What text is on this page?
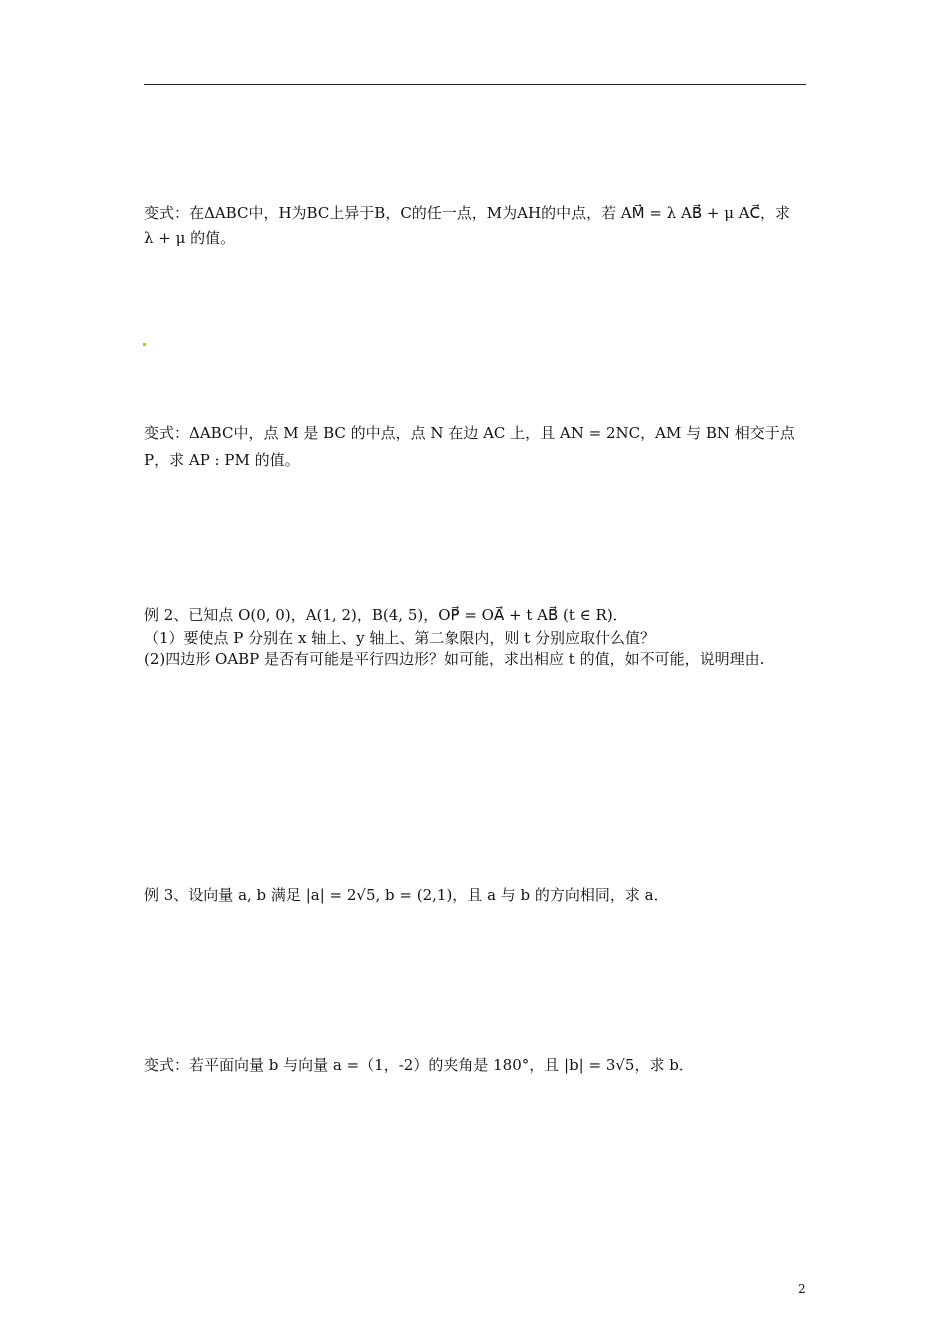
变式：在ΔABC中，H为BC上异于B，C的任一点，M为AH的中点，若 AM⃗ = λ AB⃗ + μ AC⃗，求
λ + μ 的值。
变式：ΔABC中，点 M 是 BC 的中点，点 N 在边 AC 上，且 AN = 2NC，AM 与 BN 相交于点
P，求 AP : PM 的值。
例 2、已知点 O(0, 0)，A(1, 2)，B(4, 5)，OP⃗ = OA⃗ + t AB⃗ (t ∈ R)．
（1）要使点 P 分别在 x 轴上、y 轴上、第二象限内，则 t 分别应取什么值？
(2)四边形 OABP 是否有可能是平行四边形？如可能，求出相应 t 的值，如不可能，说明理由.
例 3、设向量 a, b 满足 |a| = 2√5, b = (2,1)，且 a 与 b 的方向相同，求 a．
变式：若平面向量 b 与向量 a =（1，-2）的夹角是 180°，且 |b| = 3√5，求 b．
2
